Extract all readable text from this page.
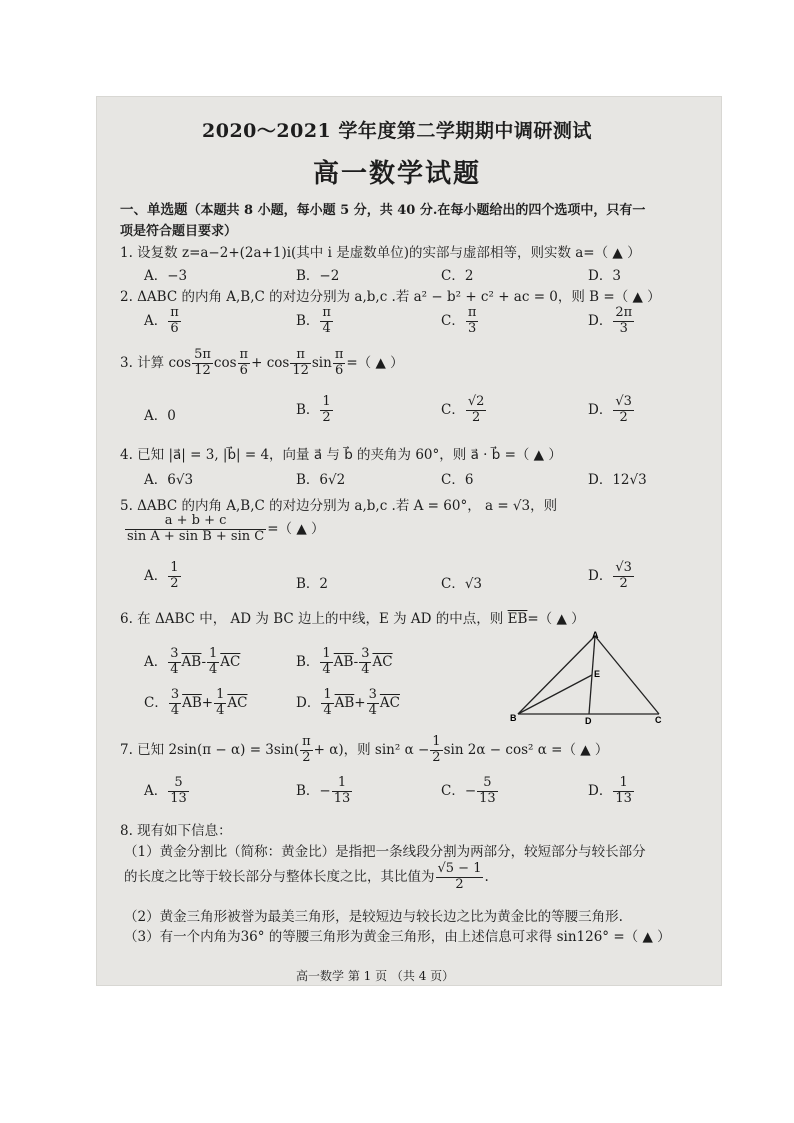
2020～2021 学年度第二学期期中调研测试
高一数学试题
一、单选题（本题共 8 小题，每小题 5 分，共 40 分.在每小题给出的四个选项中，只有一
项是符合题目要求）
1. 设复数 z=a−2+(2a+1)i(其中 i 是虚数单位)的实部与虚部相等，则实数 a=（ ▲ ）
A．−3	B．−2	C．2	D．3
2. ΔABC 的内角 A,B,C 的对边分别为 a,b,c .若 a² − b² + c² + ac = 0，则 B =（ ▲ ）
A． $\frac{\pi}{6}$	B． $\frac{\pi}{4}$	C． $\frac{\pi}{3}$	D． $\frac{2\pi}{3}$
3. 计算 $\cos \frac{5\pi}{12}$ $\cos \frac{\pi}{6} + \cos \frac{\pi}{12}$ $\sin \frac{\pi}{6}$ =（ ▲ ）
A．0	B． $\frac{1}{2}$	C． $\frac{√2}{2}$	D． $\frac{√3}{2}$
4. 已知 |a⃗| = 3, |b⃗| = 4，向量 a⃗ 与 b⃗ 的夹角为 60°，则 a⃗ · b⃗ =（ ▲ ）
A．6√3	B．6√2	C．6	D．12√3
5. ΔABC 的内角 A,B,C 的对边分别为 a,b,c .若 A = 60°， a = √3，则
$\frac{a + b + c}{\text{sin A + sin B + sin C}}$ =（ ▲ ）
A． $\frac{1}{2}$	B．2	C．√3
D． $\frac{√3}{2}$
6. 在 ΔABC 中， AD 为 BC 边上的中线，E 为 AD 的中点，则 $\overline{EB}=$（ ▲ ）
A． $\frac{3}{4} \overline{AB}- \frac{1}{4} \overline{AC}$	B． $\frac{1}{4} \overline{AB}- \frac{3}{4} \overline{AC}$
C． $\frac{3}{4} \overline{AB}+ \frac{1}{4} \overline{AC}$	D． $\frac{1}{4} \overline{AB}+ \frac{3}{4} \overline{AC}$
A
B	C
D
E
7. 已知 $2\sin(\pi - \alpha) = 3\sin( \frac{\pi}{2} + \alpha)$，则 sin² $\alpha - \frac{1}{2}$ sin 2α − cos² α =（ ▲ ）
A． $\frac{5}{13}$	B．− $\frac{1}{13}$	C．− $\frac{5}{13}$	D． $\frac{1}{13}$
8. 现有如下信息：
（1）黄金分割比（简称：黄金比）是指把一条线段分割为两部分，较短部分与较长部分
的长度之比等于较长部分与整体长度之比，其比值为 $\frac{√5 - 1}{2}$ .
（2）黄金三角形被誉为最美三角形，是较短边与较长边之比为黄金比的等腰三角形.
（3）有一个内角为36° 的等腰三角形为黄金三角形，由上述信息可求得 sin126° =（ ▲ ）
高一数学 第 1 页 （共 4 页）
